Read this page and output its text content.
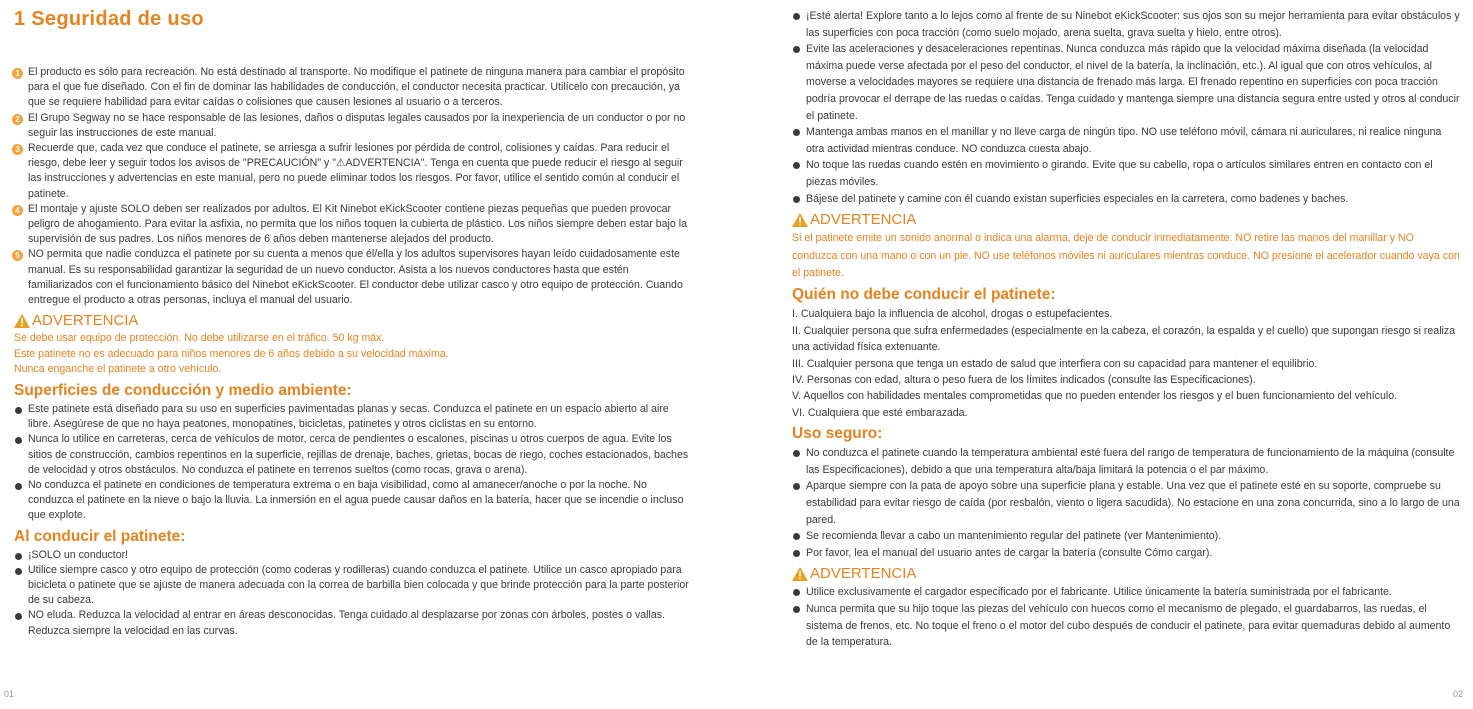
1 Seguridad de uso

1 El producto es sólo para recreación. No está destinado al transporte. No modifique el patinete de ninguna manera para cambiar el propósito para el que fue diseñado. Con el fin de dominar las habilidades de conducción, el conductor necesita practicar. Utilícelo con precaución, ya que se requiere habilidad para evitar caídas o colisiones que causen lesiones al usuario o a terceros.

2 El Grupo Segway no se hace responsable de las lesiones, daños o disputas legales causados por la inexperiencia de un conductor o por no seguir las instrucciones de este manual.

3 Recuerde que, cada vez que conduce el patinete, se arriesga a sufrir lesiones por pérdida de control, colisiones y caídas. Para reducir el riesgo, debe leer y seguir todos los avisos de "PRECAUCIÓN" y "⚠ADVERTENCIA". Tenga en cuenta que puede reducir el riesgo al seguir las instrucciones y advertencias en este manual, pero no puede eliminar todos los riesgos. Por favor, utilice el sentido común al conducir el patinete.

4 El montaje y ajuste SOLO deben ser realizados por adultos. El Kit Ninebot eKickScooter contiene piezas pequeñas que pueden provocar peligro de ahogamiento. Para evitar la asfixia, no permita que los niños toquen la cubierta de plástico. Los niños siempre deben estar bajo la supervisión de sus padres. Los niños menores de 6 años deben mantenerse alejados del producto.

5 NO permita que nadie conduzca el patinete por su cuenta a menos que él/ella y los adultos supervisores hayan leído cuidadosamente este manual. Es su responsabilidad garantizar la seguridad de un nuevo conductor. Asista a los nuevos conductores hasta que estén familiarizados con el funcionamiento básico del Ninebot eKickScooter. El conductor debe utilizar casco y otro equipo de protección. Cuando entregue el producto a otras personas, incluya el manual del usuario.

ADVERTENCIA

Se debe usar equipo de protección. No debe utilizarse en el tráfico. 50 kg máx.

Este patinete no es adecuado para niños menores de 6 años debido a su velocidad máxima.

Nunca enganche el patinete a otro vehículo.

Superficies de conducción y medio ambiente:

Este patinete está diseñado para su uso en superficies pavimentadas planas y secas. Conduzca el patinete en un espacio abierto al aire libre. Asegúrese de que no haya peatones, monopatines, bicicletas, patinetes y otros ciclistas en su entorno.

Nunca lo utilice en carreteras, cerca de vehículos de motor, cerca de pendientes o escalones, piscinas u otros cuerpos de agua. Evite los sitios de construcción, cambios repentinos en la superficie, rejillas de drenaje, baches, grietas, bocas de riego, coches estacionados, baches de velocidad y otros obstáculos. No conduzca el patinete en terrenos sueltos (como rocas, grava o arena).

No conduzca el patinete en condiciones de temperatura extrema o en baja visibilidad, como al amanecer/anoche o por la noche. No conduzca el patinete en la nieve o bajo la lluvia. La inmersión en el agua puede causar daños en la batería, hacer que se incendie o incluso que explote.

Al conducir el patinete:

¡SOLO un conductor!

Utilice siempre casco y otro equipo de protección (como coderas y rodilleras) cuando conduzca el patinete. Utilice un casco apropiado para bicicleta o patinete que se ajuste de manera adecuada con la correa de barbilla bien colocada y que brinde protección para la parte posterior de su cabeza.

NO eluda. Reduzca la velocidad al entrar en áreas desconocidas. Tenga cuidado al desplazarse por zonas con árboles, postes o vallas. Reduzca siempre la velocidad en las curvas.

01

¡Esté alerta! Explore tanto a lo lejos como al frente de su Ninebot eKickScooter: sus ojos son su mejor herramienta para evitar obstáculos y las superficies con poca tracción (como suelo mojado, arena suelta, grava suelta y hielo, entre otros).

Evite las aceleraciones y desaceleraciones repentinas. Nunca conduzca más rápido que la velocidad máxima diseñada (la velocidad máxima puede verse afectada por el peso del conductor, el nivel de la batería, la inclinación, etc.). Al igual que con otros vehículos, al moverse a velocidades mayores se requiere una distancia de frenado más larga. El frenado repentino en superficies con poca tracción podría provocar el derrape de las ruedas o caídas. Tenga cuidado y mantenga siempre una distancia segura entre usted y otros al conducir el patinete.

Mantenga ambas manos en el manillar y no lleve carga de ningún tipo. NO use teléfono móvil, cámara ni auriculares, ni realice ninguna otra actividad mientras conduce. NO conduzca cuesta abajo.

No toque las ruedas cuando estén en movimiento o girando. Evite que su cabello, ropa o artículos similares entren en contacto con el piezas móviles.

Bájese del patinete y camine con él cuando existan superficies especiales en la carretera, como badenes y baches.

ADVERTENCIA

Si el patinete emite un sonido anormal o indica una alarma, deje de conducir inmediatamente. NO retire las manos del manillar y NO conduzca con una mano o con un pie. NO use teléfonos móviles ni auriculares mientras conduce. NO presione el acelerador cuando vaya con el patinete.

Quién no debe conducir el patinete:

I. Cualquiera bajo la influencia de alcohol, drogas o estupefacientes.

II. Cualquier persona que sufra enfermedades (especialmente en la cabeza, el corazón, la espalda y el cuello) que supongan riesgo si realiza una actividad física extenuante.

III. Cualquier persona que tenga un estado de salud que interfiera con su capacidad para mantener el equilibrio.

IV. Personas con edad, altura o peso fuera de los límites indicados (consulte las Especificaciones).

V. Aquellos con habilidades mentales comprometidas que no pueden entender los riesgos y el buen funcionamiento del vehículo.

VI. Cualquiera que esté embarazada.

Uso seguro:

No conduzca el patinete cuando la temperatura ambiental esté fuera del rango de temperatura de funcionamiento de la máquina (consulte las Especificaciones), debido a que una temperatura alta/baja limitará la potencia o el par máximo.

Aparque siempre con la pata de apoyo sobre una superficie plana y estable. Una vez que el patinete esté en su soporte, compruebe su estabilidad para evitar riesgo de caída (por resbalón, viento o ligera sacudida). No estacione en una zona concurrida, sino a lo largo de una pared.

Se recomienda llevar a cabo un mantenimiento regular del patinete (ver Mantenimiento).

Por favor, lea el manual del usuario antes de cargar la batería (consulte Cómo cargar).

ADVERTENCIA

Utilice exclusivamente el cargador especificado por el fabricante. Utilice únicamente la batería suministrada por el fabricante.

Nunca permita que su hijo toque las piezas del vehículo con huecos como el mecanismo de plegado, el guardabarros, las ruedas, el sistema de frenos, etc. No toque el freno o el motor del cubo después de conducir el patinete, para evitar quemaduras debido al aumento de la temperatura.

02
